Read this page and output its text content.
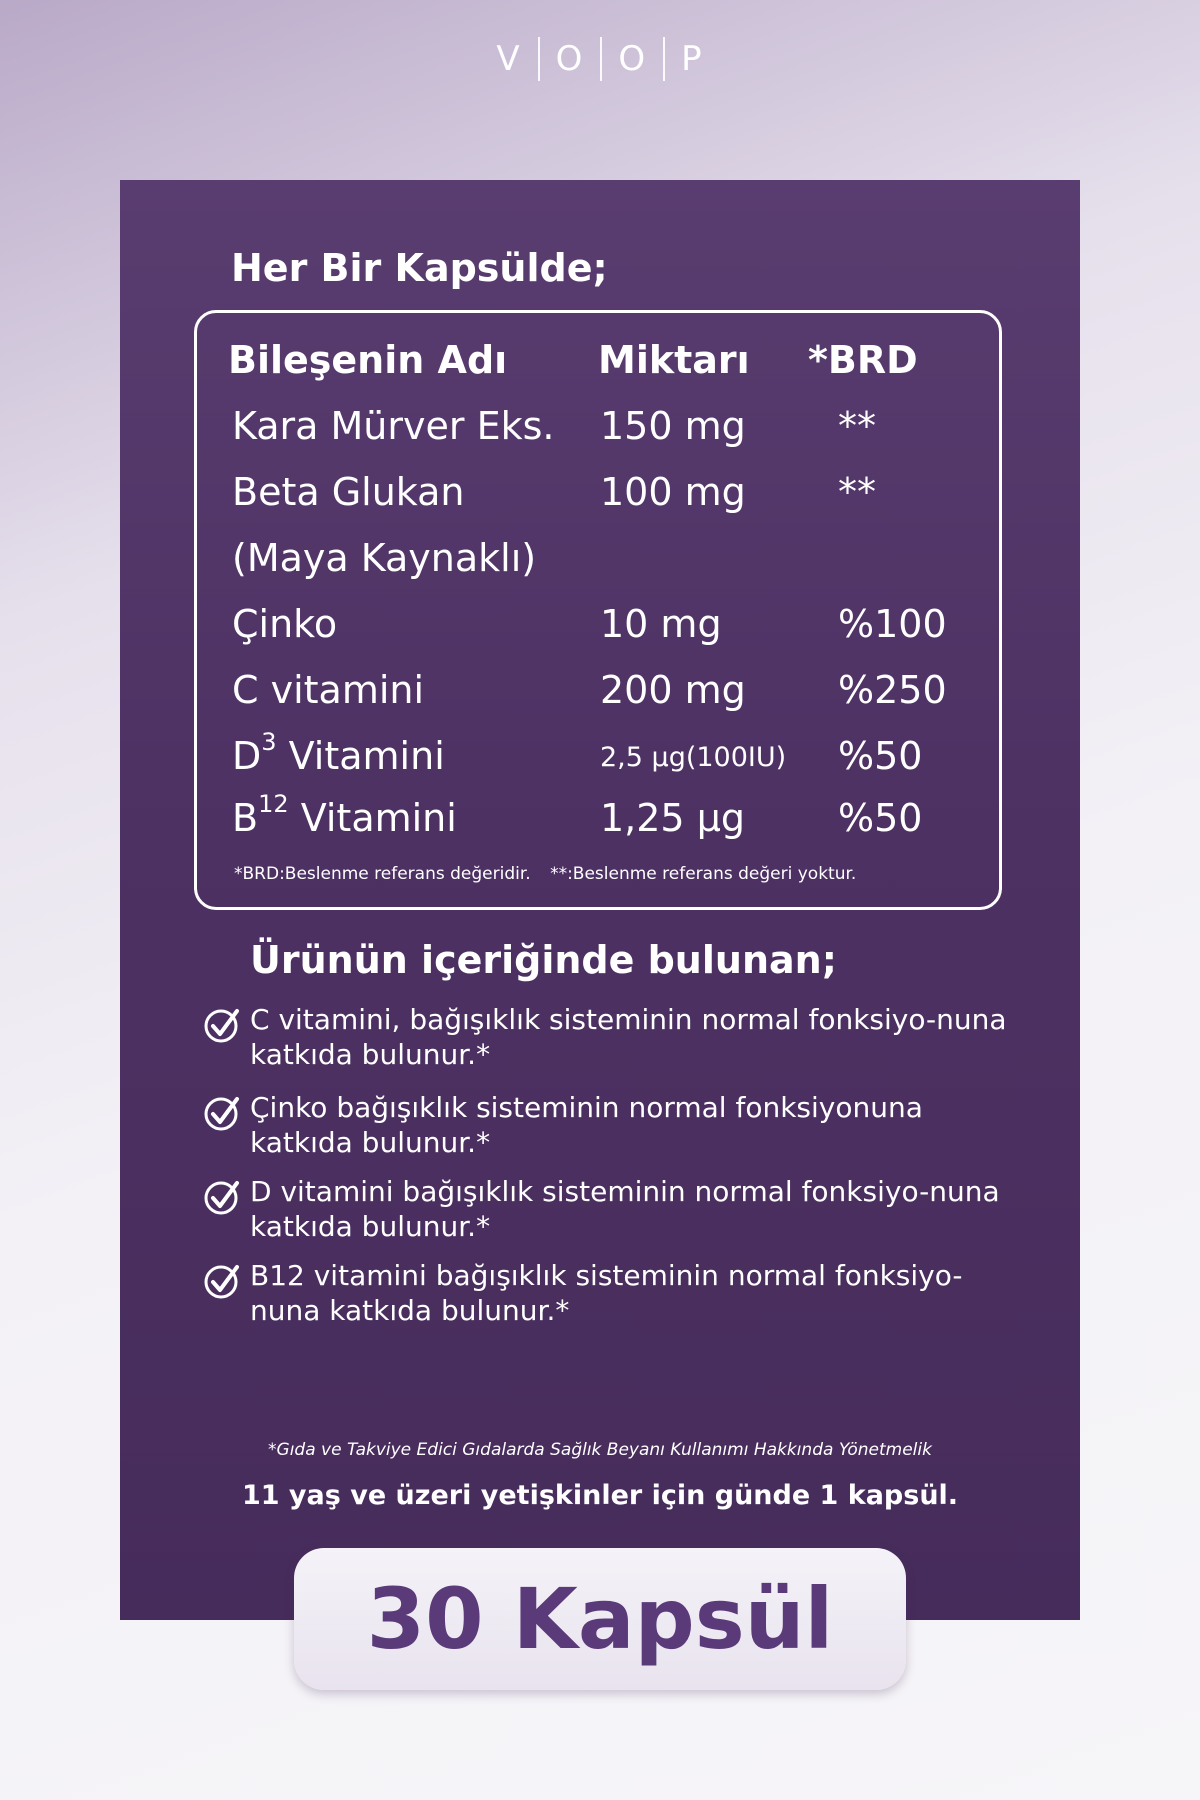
V	O	O	P
Her Bir Kapsülde;
Bileşenin Adı Miktarı *BRD
Kara Mürver Eks. 150 mg **
Beta Glukan	100 mg **
(Maya Kaynaklı)
Çinko	10 mg	%100
C vitamini	200 mg %250
$D^3$ Vitamini	2,5 µg(100IU) %50
$B^{12}$ Vitamini	1,25 µg %50
*BRD:Beslenme referans değeridir. **:Beslenme referans değeri yoktur.
Ürünün içeriğinde bulunan;
C vitamini, bağışıklık sisteminin normal fonksiyo-nuna katkıda bulunur.*
Çinko bağışıklık sisteminin normal fonksiyonuna katkıda bulunur.*
D vitamini bağışıklık sisteminin normal fonksiyo-nuna katkıda bulunur.*
B12 vitamini bağışıklık sisteminin normal fonksiyo-nuna katkıda bulunur.*
*Gıda ve Takviye Edici Gıdalarda Sağlık Beyanı Kullanımı Hakkında Yönetmelik
11 yaş ve üzeri yetişkinler için günde 1 kapsül.
30 Kapsül
